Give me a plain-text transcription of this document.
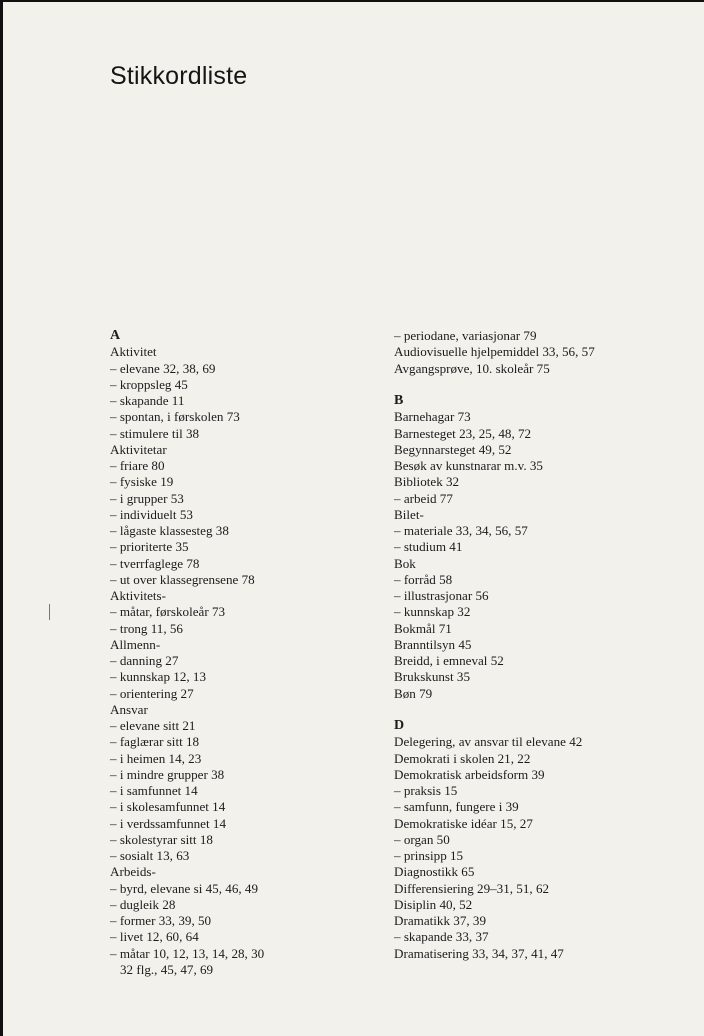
Stikkordliste
A
Aktivitet
– elevane 32, 38, 69
– kroppsleg 45
– skapande 11
– spontan, i førskolen 73
– stimulere til 38
Aktivitetar
– friare 80
– fysiske 19
– i grupper 53
– individuelt 53
– lågaste klassesteg 38
– prioriterte 35
– tverrfaglege 78
– ut over klassegrensene 78
Aktivitets-
– måtar, førskoleår 73
– trong 11, 56
Allmenn-
– danning 27
– kunnskap 12, 13
– orientering 27
Ansvar
– elevane sitt 21
– faglærar sitt 18
– i heimen 14, 23
– i mindre grupper 38
– i samfunnet 14
– i skolesamfunnet 14
– i verdssamfunnet 14
– skolestyrar sitt 18
– sosialt 13, 63
Arbeids-
– byrd, elevane si 45, 46, 49
– dugleik 28
– former 33, 39, 50
– livet 12, 60, 64
– måtar 10, 12, 13, 14, 28, 30
32 flg., 45, 47, 69
– periodane, variasjonar 79
Audiovisuelle hjelpemiddel 33, 56, 57
Avgangsprøve, 10. skoleår 75
B
Barnehagar 73
Barnesteget 23, 25, 48, 72
Begynnarsteget 49, 52
Besøk av kunstnarar m.v. 35
Bibliotek 32
– arbeid 77
Bilet-
– materiale 33, 34, 56, 57
– studium 41
Bok
– forråd 58
– illustrasjonar 56
– kunnskap 32
Bokmål 71
Branntilsyn 45
Breidd, i emneval 52
Brukskunst 35
Bøn 79
D
Delegering, av ansvar til elevane 42
Demokrati i skolen 21, 22
Demokratisk arbeidsform 39
– praksis 15
– samfunn, fungere i 39
Demokratiske idéar 15, 27
– organ 50
– prinsipp 15
Diagnostikk 65
Differensiering 29–31, 51, 62
Disiplin 40, 52
Dramatikk 37, 39
– skapande 33, 37
Dramatisering 33, 34, 37, 41, 47
